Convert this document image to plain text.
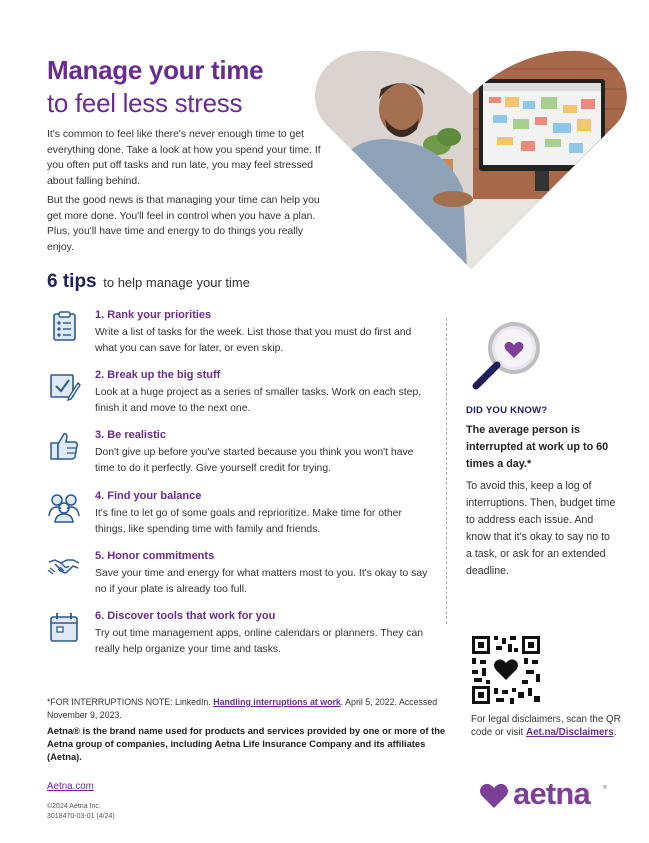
Manage your time
to feel less stress

It's common to feel like there's never enough time to get everything done. Take a look at how you spend your time. If you often put off tasks and run late, you may feel stressed about falling behind.

But the good news is that managing your time can help you get more done. You'll feel in control when you have a plan. Plus, you'll have time and energy to do things you really enjoy.

6 tips to help manage your time
1. Rank your priorities

Write a list of tasks for the week. List those that you must do first and what you can save for later, or even skip.

2. Break up the big stuff

Look at a huge project as a series of smaller tasks. Work on each step, finish it and move to the next one.

3. Be realistic

Don't give up before you've started because you think you won't have time to do it perfectly. Give yourself credit for trying.

4. Find your balance

It's fine to let go of some goals and reprioritize. Make time for other things, like spending time with family and friends.

5. Honor commitments

Save your time and energy for what matters most to you. It's okay to say no if your plate is already too full.

6. Discover tools that work for you

Try out time management apps, online calendars or planners. They can really help organize your time and tasks.

DID YOU KNOW?

The average person is interrupted at work up to 60 times a day.*

To avoid this, keep a log of interruptions. Then, budget time to address each issue. And know that it's okay to say no to a task, or ask for an extended deadline.

For legal disclaimers, scan the QR code or visit Aet.na/Disclaimers.
*FOR INTERRUPTIONS NOTE: LinkedIn. Handling interruptions at work. April 5, 2022. Accessed November 9, 2023.

Aetna® is the brand name used for products and services provided by one or more of the Aetna group of companies, including Aetna Life Insurance Company and its affiliates (Aetna).

Aetna.com
©2024 Aetna Inc.
3018470-03-01 (4/24)
aetna	®
